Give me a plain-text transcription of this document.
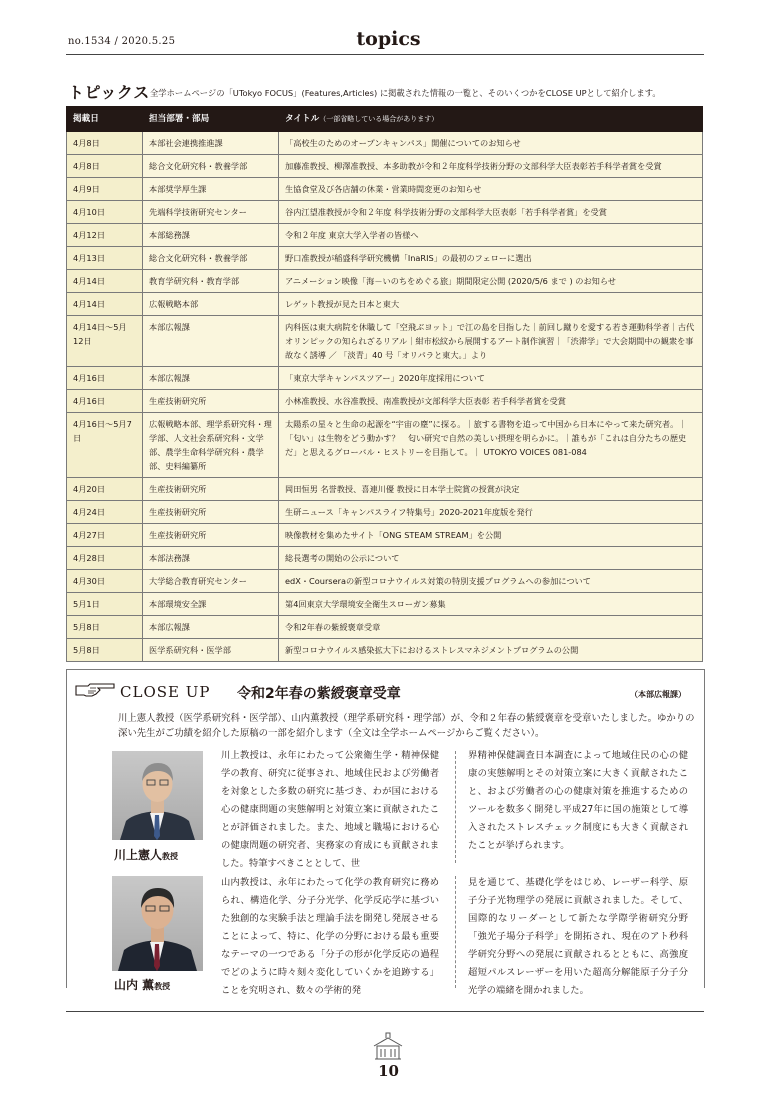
no.1534 / 2020.5.25	topics
トピックス 全学ホームページの「UTokyo FOCUS」(Features,Articles) に掲載された情報の一覧と、そのいくつかをCLOSE UPとして紹介します。
掲載日	担当部署・部局	タイトル（一部省略している場合があります）
4月8日	本部社会連携推進課	「高校生のためのオープンキャンパス」開催についてのお知らせ
4月8日	総合文化研究科・教養学部	加藤准教授、柳澤准教授、本多助教が令和２年度科学技術分野の文部科学大臣表彰若手科学者賞を受賞
4月9日	本部奨学厚生課	生協食堂及び各店舗の休業・営業時間変更のお知らせ
4月10日	先端科学技術研究センター	谷内江望准教授が令和２年度 科学技術分野の文部科学大臣表彰「若手科学者賞」を受賞
4月12日	本部総務課	令和２年度 東京大学入学者の皆様へ
4月13日	総合文化研究科・教養学部	野口准教授が稲盛科学研究機構「InaRIS」の最初のフェローに選出
4月14日	教育学研究科・教育学部	アニメーション映像「海－いのちをめぐる旅」期間限定公開 (2020/5/6 まで ) のお知らせ
4月14日	広報戦略本部	レゲット教授が見た日本と東大
4月14日～5月12日	本部広報課	内科医は東大病院を休職して「空飛ぶヨット」で江の島を目指した｜前回し蹴りを愛する若き運動科学者｜古代オリンピックの知られざるリアル｜紺市松紋から展開するアート制作演習｜「渋滞学」で大会期間中の観衆を事故なく誘導 ／ 「淡青」40 号「オリパラと東大。」より
4月16日	本部広報課	「東京大学キャンパスツアー」2020年度採用について
4月16日	生産技術研究所	小林准教授、水谷准教授、南准教授が文部科学大臣表彰 若手科学者賞を受賞
4月16日～5月7日	広報戦略本部、理学系研究科・理学部、人文社会系研究科・文学部、農学生命科学研究科・農学部、史料編纂所	太陽系の星々と生命の起源を“宇宙の塵”に探る。｜旅する書物を追って中国から日本にやって来た研究者。｜「匂い」は生物をどう動かす？　匂い研究で自然の美しい摂理を明らかに。｜誰もが「これは自分たちの歴史だ」と思えるグローバル・ヒストリーを目指して。｜ UTOKYO VOICES 081-084
4月20日	生産技術研究所	岡田恒男 名誉教授、喜連川優 教授に日本学士院賞の授賞が決定
4月24日	生産技術研究所	生研ニュース「キャンパスライフ特集号」2020-2021年度版を発行
4月27日	生産技術研究所	映像教材を集めたサイト「ONG STEAM STREAM」を公開
4月28日	本部法務課	総長選考の開始の公示について
4月30日	大学総合教育研究センター	edX・Courseraの新型コロナウイルス対策の特別支援プログラムへの参加について
5月1日	本部環境安全課	第4回東京大学環境安全衛生スローガン募集
5月8日	本部広報課	令和2年春の紫綬褒章受章
5月8日	医学系研究科・医学部	新型コロナウイルス感染拡大下におけるストレスマネジメントプログラムの公開
CLOSE UP 令和2年春の紫綬褒章受章	（本部広報課）
川上憲人教授（医学系研究科・医学部）、山内薫教授（理学系研究科・理学部）が、令和２年春の紫綬褒章を受章いたしました。ゆかりの深い先生がご功績を紹介した原稿の一部を紹介します（全文は全学ホームページからご覧ください）。
川上憲人教授
川上教授は、永年にわたって公衆衛生学・精神保健学の教育、研究に従事され、地域住民および労働者を対象とした多数の研究に基づき、わが国における心の健康問題の実態解明と対策立案に貢献されたことが評価されました。また、地域と職場における心の健康問題の研究者、実務家の育成にも貢献されました。特筆すべきこととして、世
界精神保健調査日本調査によって地域住民の心の健康の実態解明とその対策立案に大きく貢献されたこと、および労働者の心の健康対策を推進するためのツールを数多く開発し平成27年に国の施策として導入されたストレスチェック制度にも大きく貢献されたことが挙げられます。
山内 薫教授
山内教授は、永年にわたって化学の教育研究に務められ、構造化学、分子分光学、化学反応学に基づいた独創的な実験手法と理論手法を開発し発展させることによって、特に、化学の分野における最も重要なテーマの一つである「分子の形が化学反応の過程でどのように時々刻々変化していくかを追跡する」ことを究明され、数々の学術的発
見を通じて、基礎化学をはじめ、レーザー科学、原子分子光物理学の発展に貢献されました。そして、国際的なリーダーとして新たな学際学術研究分野「強光子場分子科学」を開拓され、現在のアト秒科学研究分野への発展に貢献されるとともに、高強度超短パルスレーザーを用いた超高分解能原子分子分光学の端緒を開かれました。
10
